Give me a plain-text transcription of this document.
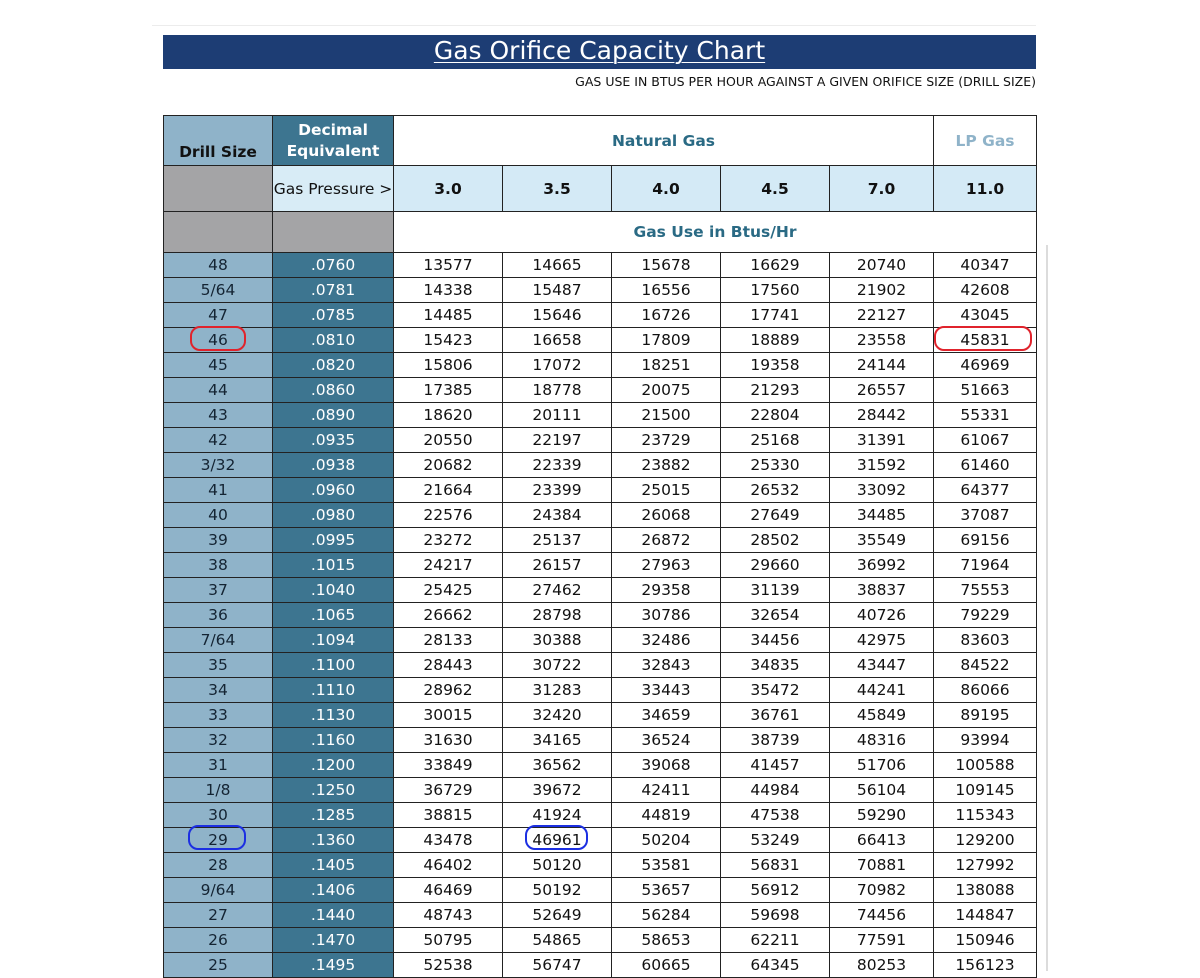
Gas Orifice Capacity Chart
GAS USE IN BTUS PER HOUR AGAINST A GIVEN ORIFICE SIZE (DRILL SIZE)
Drill Size	Decimal Equivalent	Natural Gas					LP Gas
	Gas Pressure >	3.0	3.5	4.0	4.5	7.0	11.0
		Gas Use in Btus/Hr					
48	.0760	13577	14665	15678	16629	20740	40347
5/64	.0781	14338	15487	16556	17560	21902	42608
47	.0785	14485	15646	16726	17741	22127	43045
46	.0810	15423	16658	17809	18889	23558	45831
45	.0820	15806	17072	18251	19358	24144	46969
44	.0860	17385	18778	20075	21293	26557	51663
43	.0890	18620	20111	21500	22804	28442	55331
42	.0935	20550	22197	23729	25168	31391	61067
3/32	.0938	20682	22339	23882	25330	31592	61460
41	.0960	21664	23399	25015	26532	33092	64377
40	.0980	22576	24384	26068	27649	34485	37087
39	.0995	23272	25137	26872	28502	35549	69156
38	.1015	24217	26157	27963	29660	36992	71964
37	.1040	25425	27462	29358	31139	38837	75553
36	.1065	26662	28798	30786	32654	40726	79229
7/64	.1094	28133	30388	32486	34456	42975	83603
35	.1100	28443	30722	32843	34835	43447	84522
34	.1110	28962	31283	33443	35472	44241	86066
33	.1130	30015	32420	34659	36761	45849	89195
32	.1160	31630	34165	36524	38739	48316	93994
31	.1200	33849	36562	39068	41457	51706	100588
1/8	.1250	36729	39672	42411	44984	56104	109145
30	.1285	38815	41924	44819	47538	59290	115343
29	.1360	43478	46961	50204	53249	66413	129200
28	.1405	46402	50120	53581	56831	70881	127992
9/64	.1406	46469	50192	53657	56912	70982	138088
27	.1440	48743	52649	56284	59698	74456	144847
26	.1470	50795	54865	58653	62211	77591	150946
25	.1495	52538	56747	60665	64345	80253	156123
